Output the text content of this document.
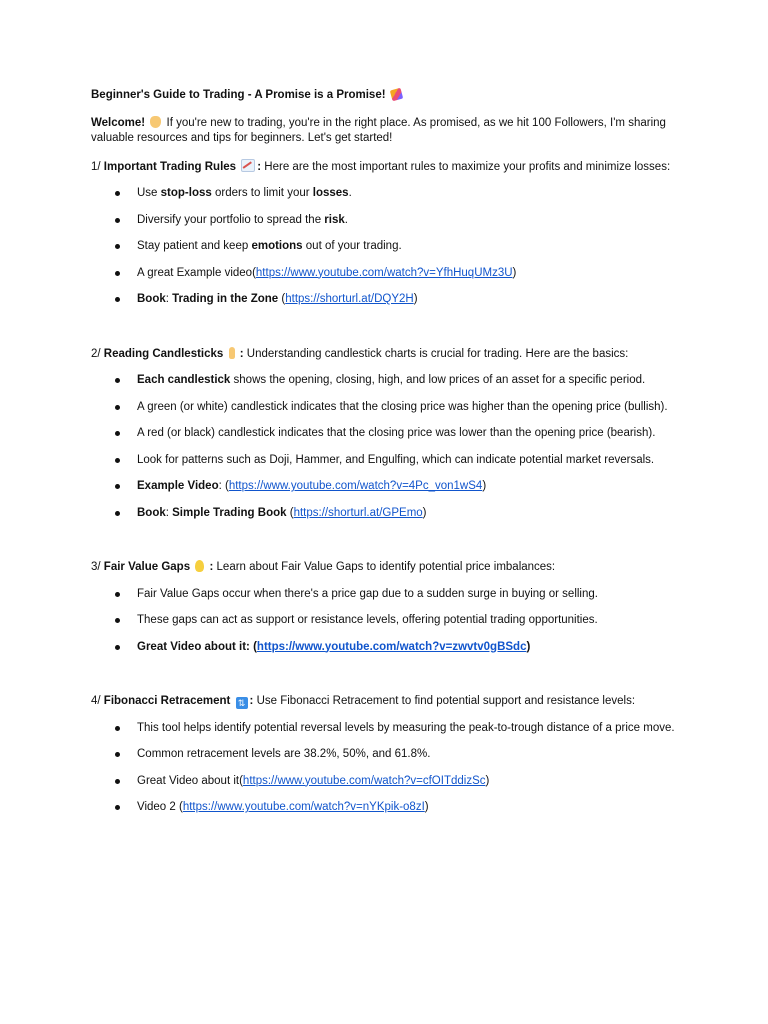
Beginner's Guide to Trading - A Promise is a Promise!

Welcome!  If you're new to trading, you're in the right place. As promised, as we hit 100 Followers, I'm sharing valuable resources and tips for beginners. Let's get started!

1/ Important Trading Rules : Here are the most important rules to maximize your profits and minimize losses:

Use stop-loss orders to limit your losses.
Diversify your portfolio to spread the risk.
Stay patient and keep emotions out of your trading.
A great Example video(https://www.youtube.com/watch?v=YfhHuqUMz3U)
Book: Trading in the Zone (https://shorturl.at/DQY2H)

2/ Reading Candlesticks : Understanding candlestick charts is crucial for trading. Here are the basics:

Each candlestick shows the opening, closing, high, and low prices of an asset for a specific period.
A green (or white) candlestick indicates that the closing price was higher than the opening price (bullish).
A red (or black) candlestick indicates that the closing price was lower than the opening price (bearish).
Look for patterns such as Doji, Hammer, and Engulfing, which can indicate potential market reversals.
Example Video: (https://www.youtube.com/watch?v=4Pc_von1wS4)
Book: Simple Trading Book (https://shorturl.at/GPEmo)

3/ Fair Value Gaps : Learn about Fair Value Gaps to identify potential price imbalances:

Fair Value Gaps occur when there's a price gap due to a sudden surge in buying or selling.
These gaps can act as support or resistance levels, offering potential trading opportunities.
Great Video about it: (https://www.youtube.com/watch?v=zwvtv0gBSdc)

4/ Fibonacci Retracement ⇅ : Use Fibonacci Retracement to find potential support and resistance levels:

This tool helps identify potential reversal levels by measuring the peak-to-trough distance of a price move.
Common retracement levels are 38.2%, 50%, and 61.8%.
Great Video about it(https://www.youtube.com/watch?v=cfOITddizSc)
Video 2 (https://www.youtube.com/watch?v=nYKpik-o8zI)
